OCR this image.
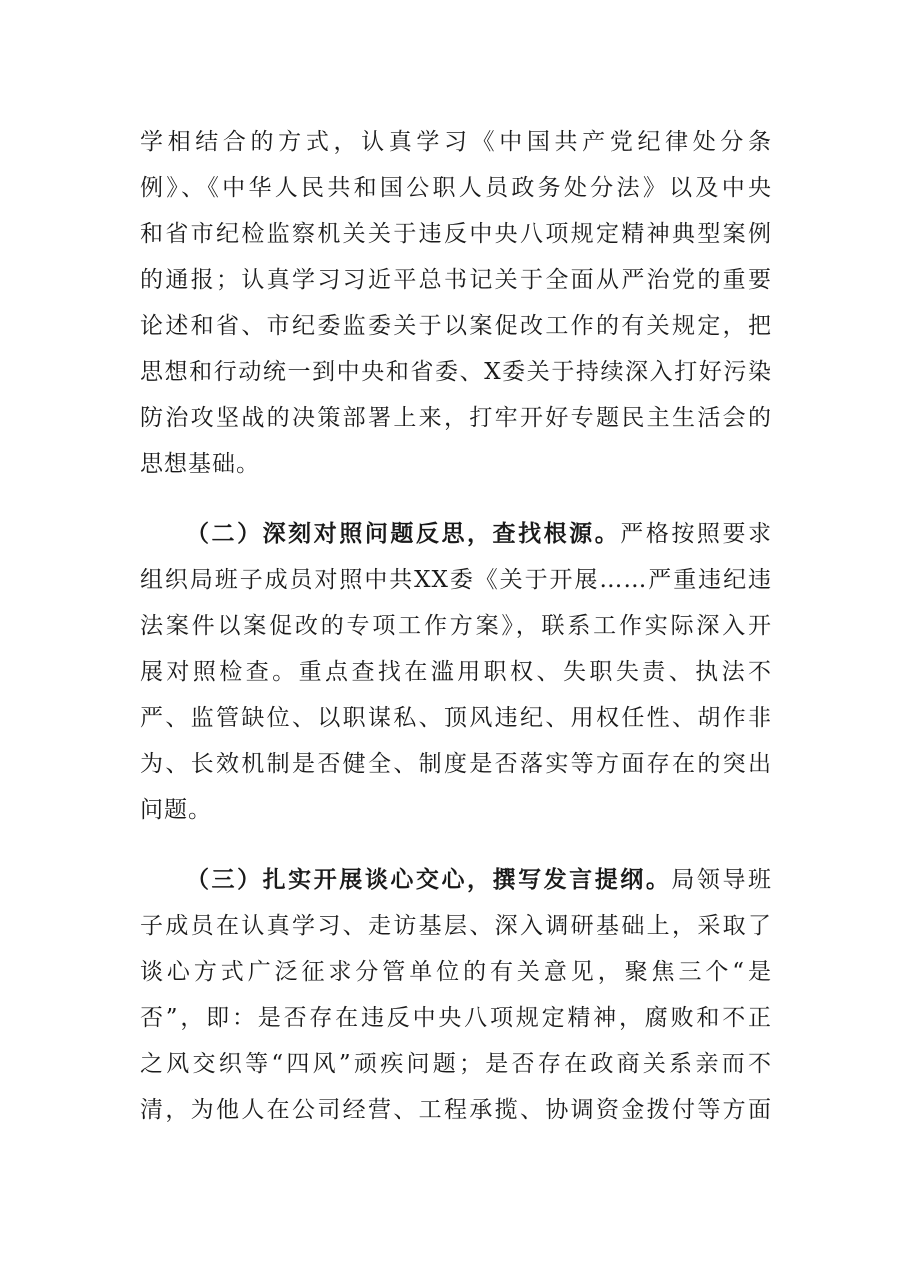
学相结合的方式，认真学习《中国共产党纪律处分条
例》、《中华人民共和国公职人员政务处分法》以及中央
和省市纪检监察机关关于违反中央八项规定精神典型案例
的通报；认真学习习近平总书记关于全面从严治党的重要
论述和省、市纪委监委关于以案促改工作的有关规定，把
思想和行动统一到中央和省委、X委关于持续深入打好污染
防治攻坚战的决策部署上来，打牢开好专题民主生活会的
思想基础。
（二）深刻对照问题反思，查找根源。严格按照要求
组织局班子成员对照中共XX委《关于开展……严重违纪违
法案件以案促改的专项工作方案》，联系工作实际深入开
展对照检查。重点查找在滥用职权、失职失责、执法不
严、监管缺位、以职谋私、顶风违纪、用权任性、胡作非
为、长效机制是否健全、制度是否落实等方面存在的突出
问题。
（三）扎实开展谈心交心，撰写发言提纲。局领导班
子成员在认真学习、走访基层、深入调研基础上，采取了
谈心方式广泛征求分管单位的有关意见，聚焦三个“是
否”，即：是否存在违反中央八项规定精神，腐败和不正
之风交织等“四风”顽疾问题；是否存在政商关系亲而不
清，为他人在公司经营、工程承揽、协调资金拨付等方面
